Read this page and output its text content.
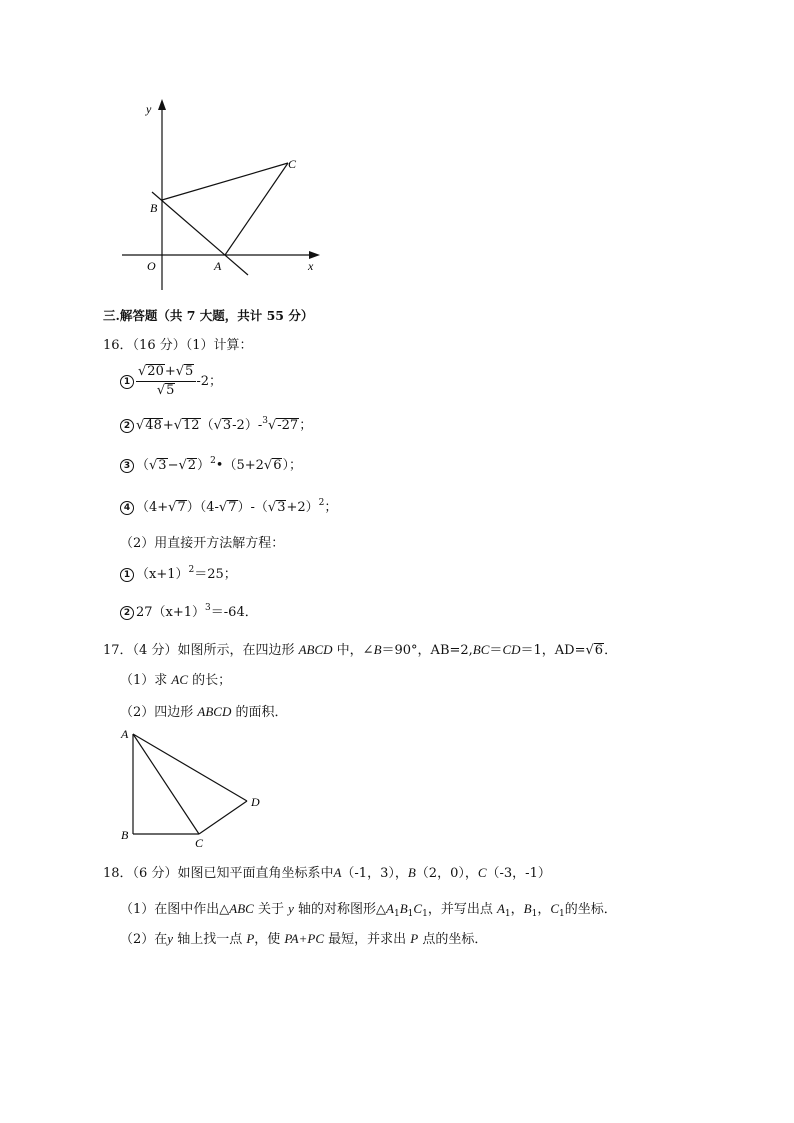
y
x
O	A
B
C
三.解答题（共 7 大题，共计 55 分）
16．（16 分）（1）计算：
$1 \frac{√20+√5}{√5} -2$；
2 √48+√12（√3-2）-$^3$√-27；
3 $(√3-√2)^2•(5+2√6)$；
4 $(4+√7)(4-√7)-(√3+2)^2$；
（2）用直接开方法解方程：
1 $(x+1)^2=25$；
2 $27(x+1)^3=-64$．
17．（4 分）如图所示，在四边形 ABCD 中，∠B＝90°，AB=2,BC＝CD＝1，AD=√6．
（1）求 AC 的长；
（2）四边形 ABCD 的面积．
A
B
C
D
18．（6 分）如图已知平面直角坐标系中A（-1，3），B（2，0），C（-3，-1）
（1）在图中作出△ABC 关于 y 轴的对称图形$\triangle A_1B_1C_1$，并写出点 $A_1$，$B_1$，$C_1$的坐标．
（2）在y 轴上找一点 P，使 PA+PC 最短，并求出 P 点的坐标．
